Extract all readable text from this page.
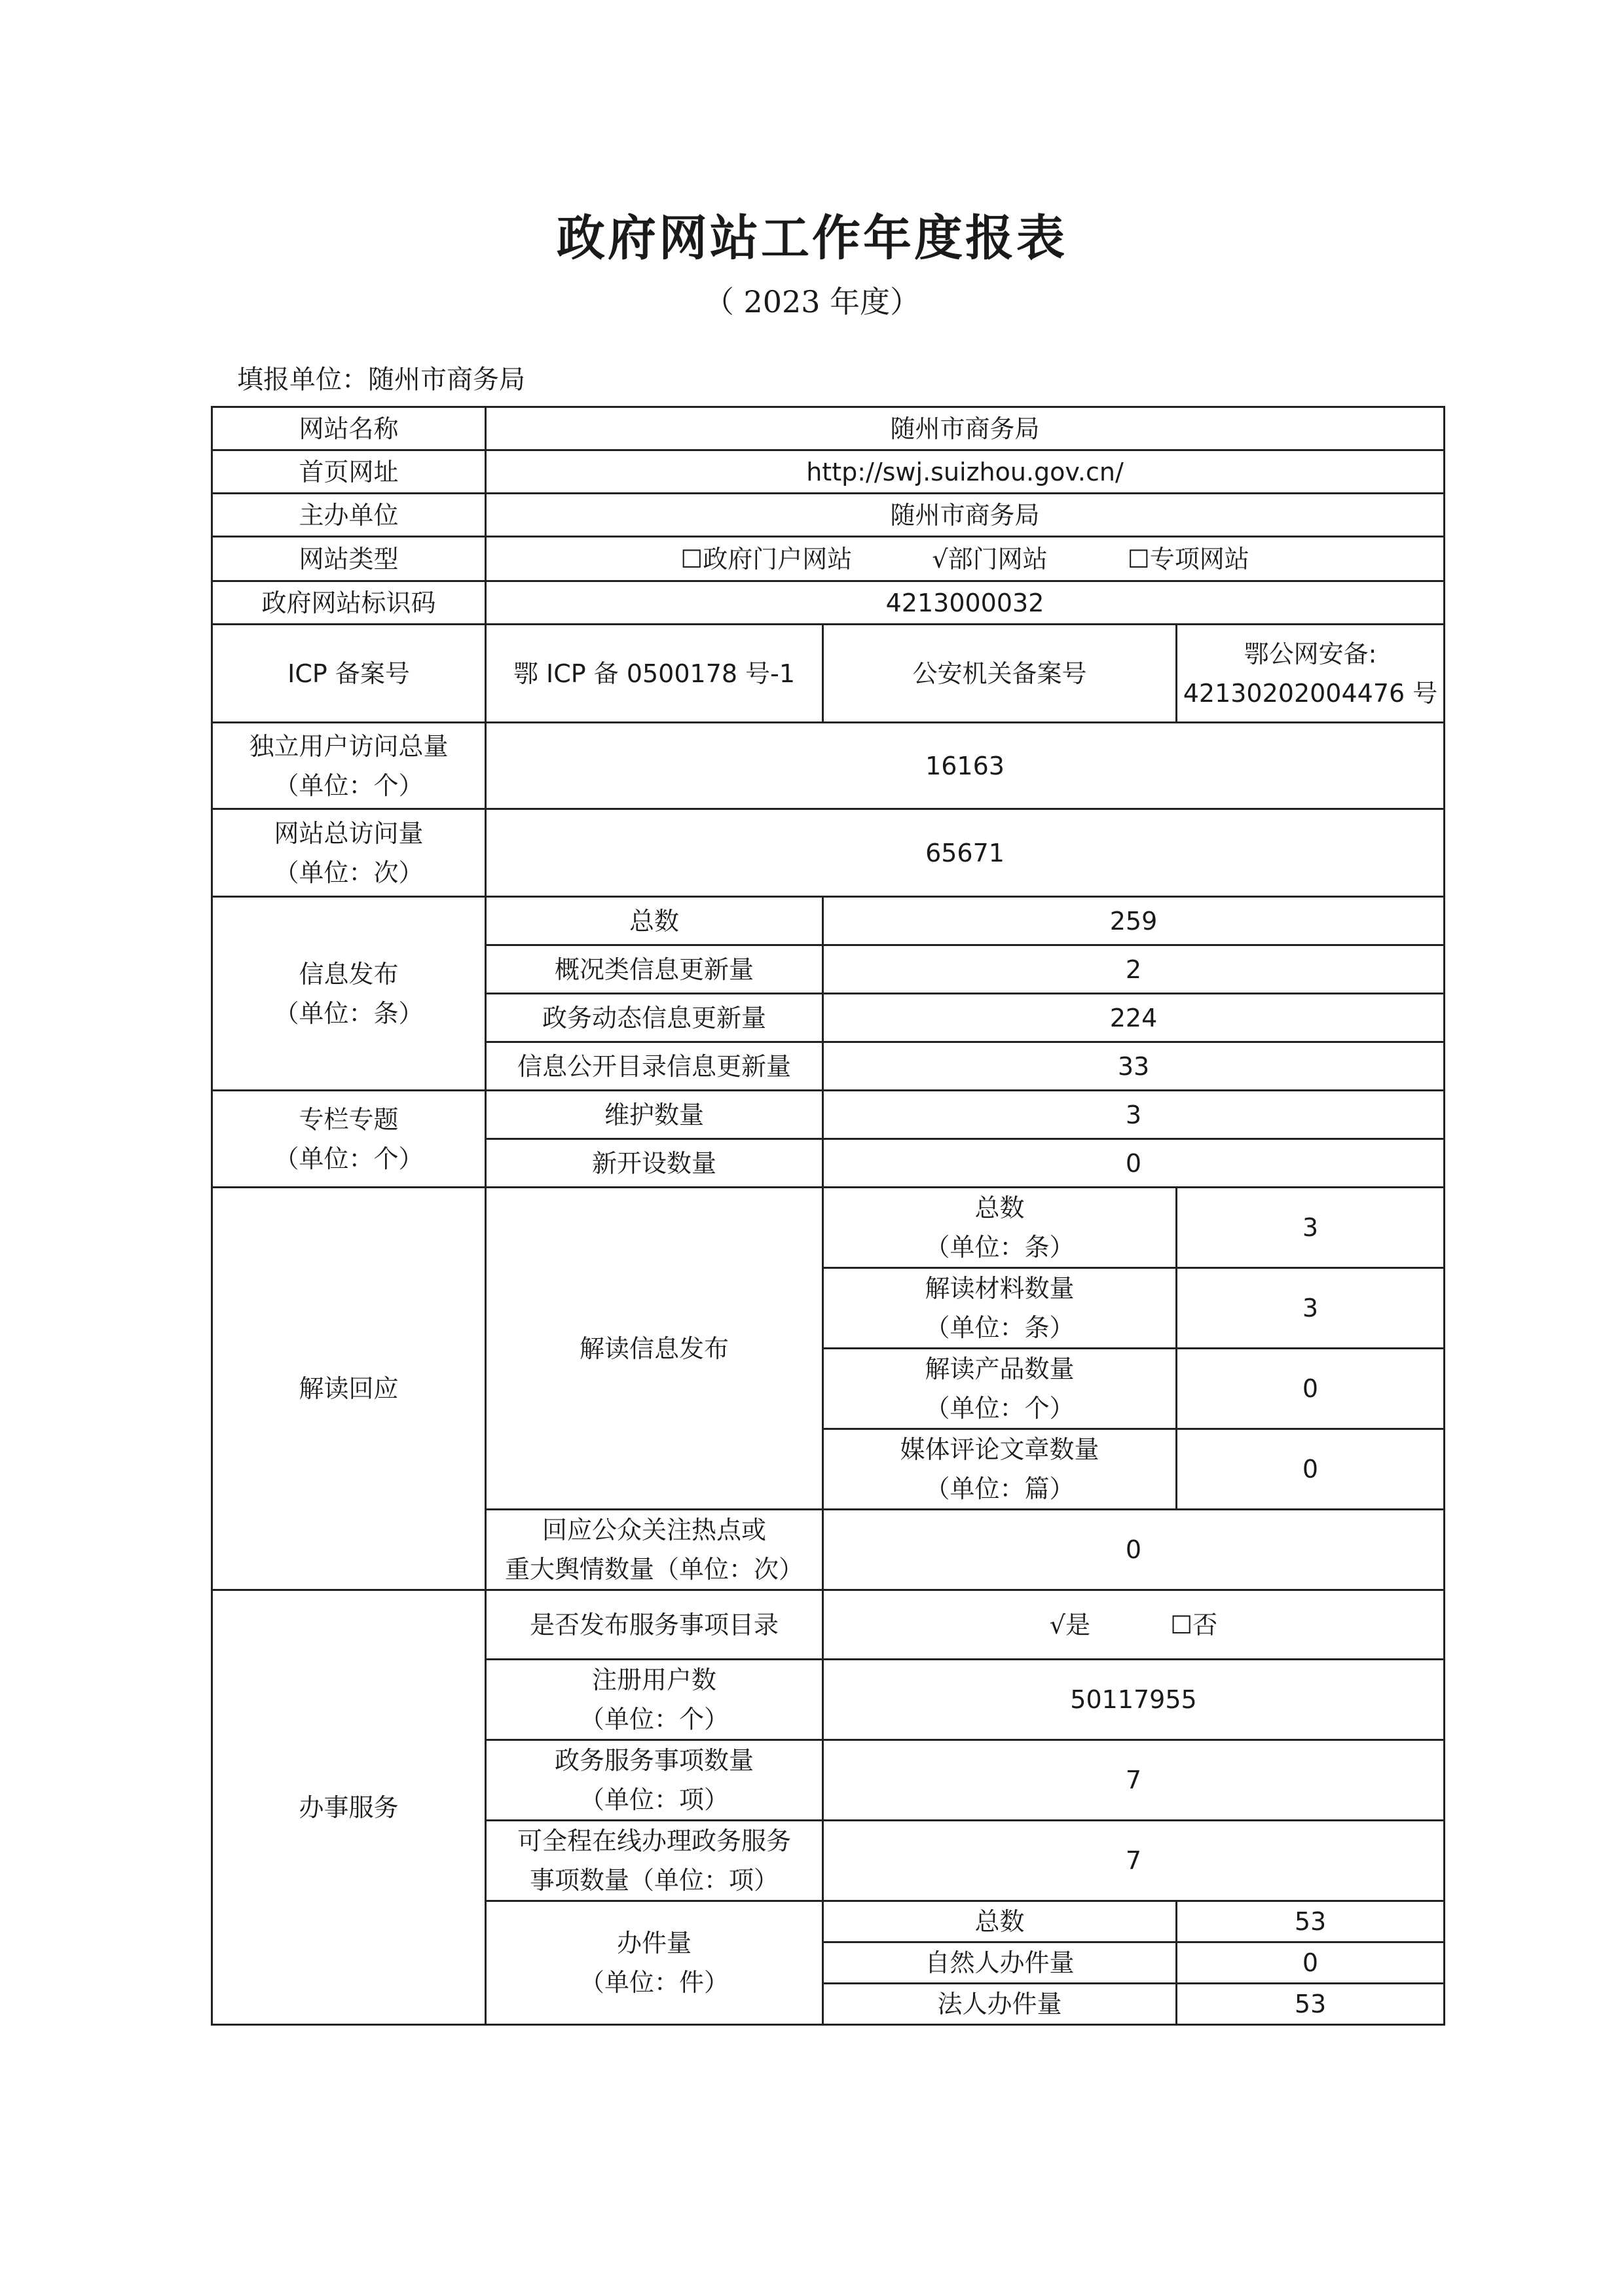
政府网站工作年度报表
（ 2023 年度）
填报单位：随州市商务局
网站名称	随州市商务局		
首页网址	http://swj.suizhou.gov.cn/		
主办单位	随州市商务局		
网站类型	☐政府门户网站 √部门网站 ☐专项网站		
政府网站标识码	4213000032		
ICP 备案号	鄂 ICP 备 0500178 号-1	公安机关备案号	鄂公网安备:
42130202004476 号

独立用户访问总量
（单位：个）	16163		

网站总访问量
（单位：次）	65671		

信息发布
（单位：条）	总数	259	
	概况类信息更新量	2	
	政务动态信息更新量	224	
	信息公开目录信息更新量	33	

专栏专题
（单位：个）	维护数量	3	
	新开设数量	0	
解读回应	解读信息发布	总数
（单位：条）	3

		解读材料数量
（单位：条）	3

		解读产品数量
（单位：个）	0

		媒体评论文章数量
（单位：篇）	0

	回应公众关注热点或
重大舆情数量（单位：次）	0	
办事服务	是否发布服务事项目录	√是 ☐否	

	注册用户数
（单位：个）	50117955	

	政务服务事项数量
（单位：项）	7	

	可全程在线办理政务服务
事项数量（单位：项）	7	

	办件量
（单位：件）	总数	53
		自然人办件量	0
		法人办件量	53
